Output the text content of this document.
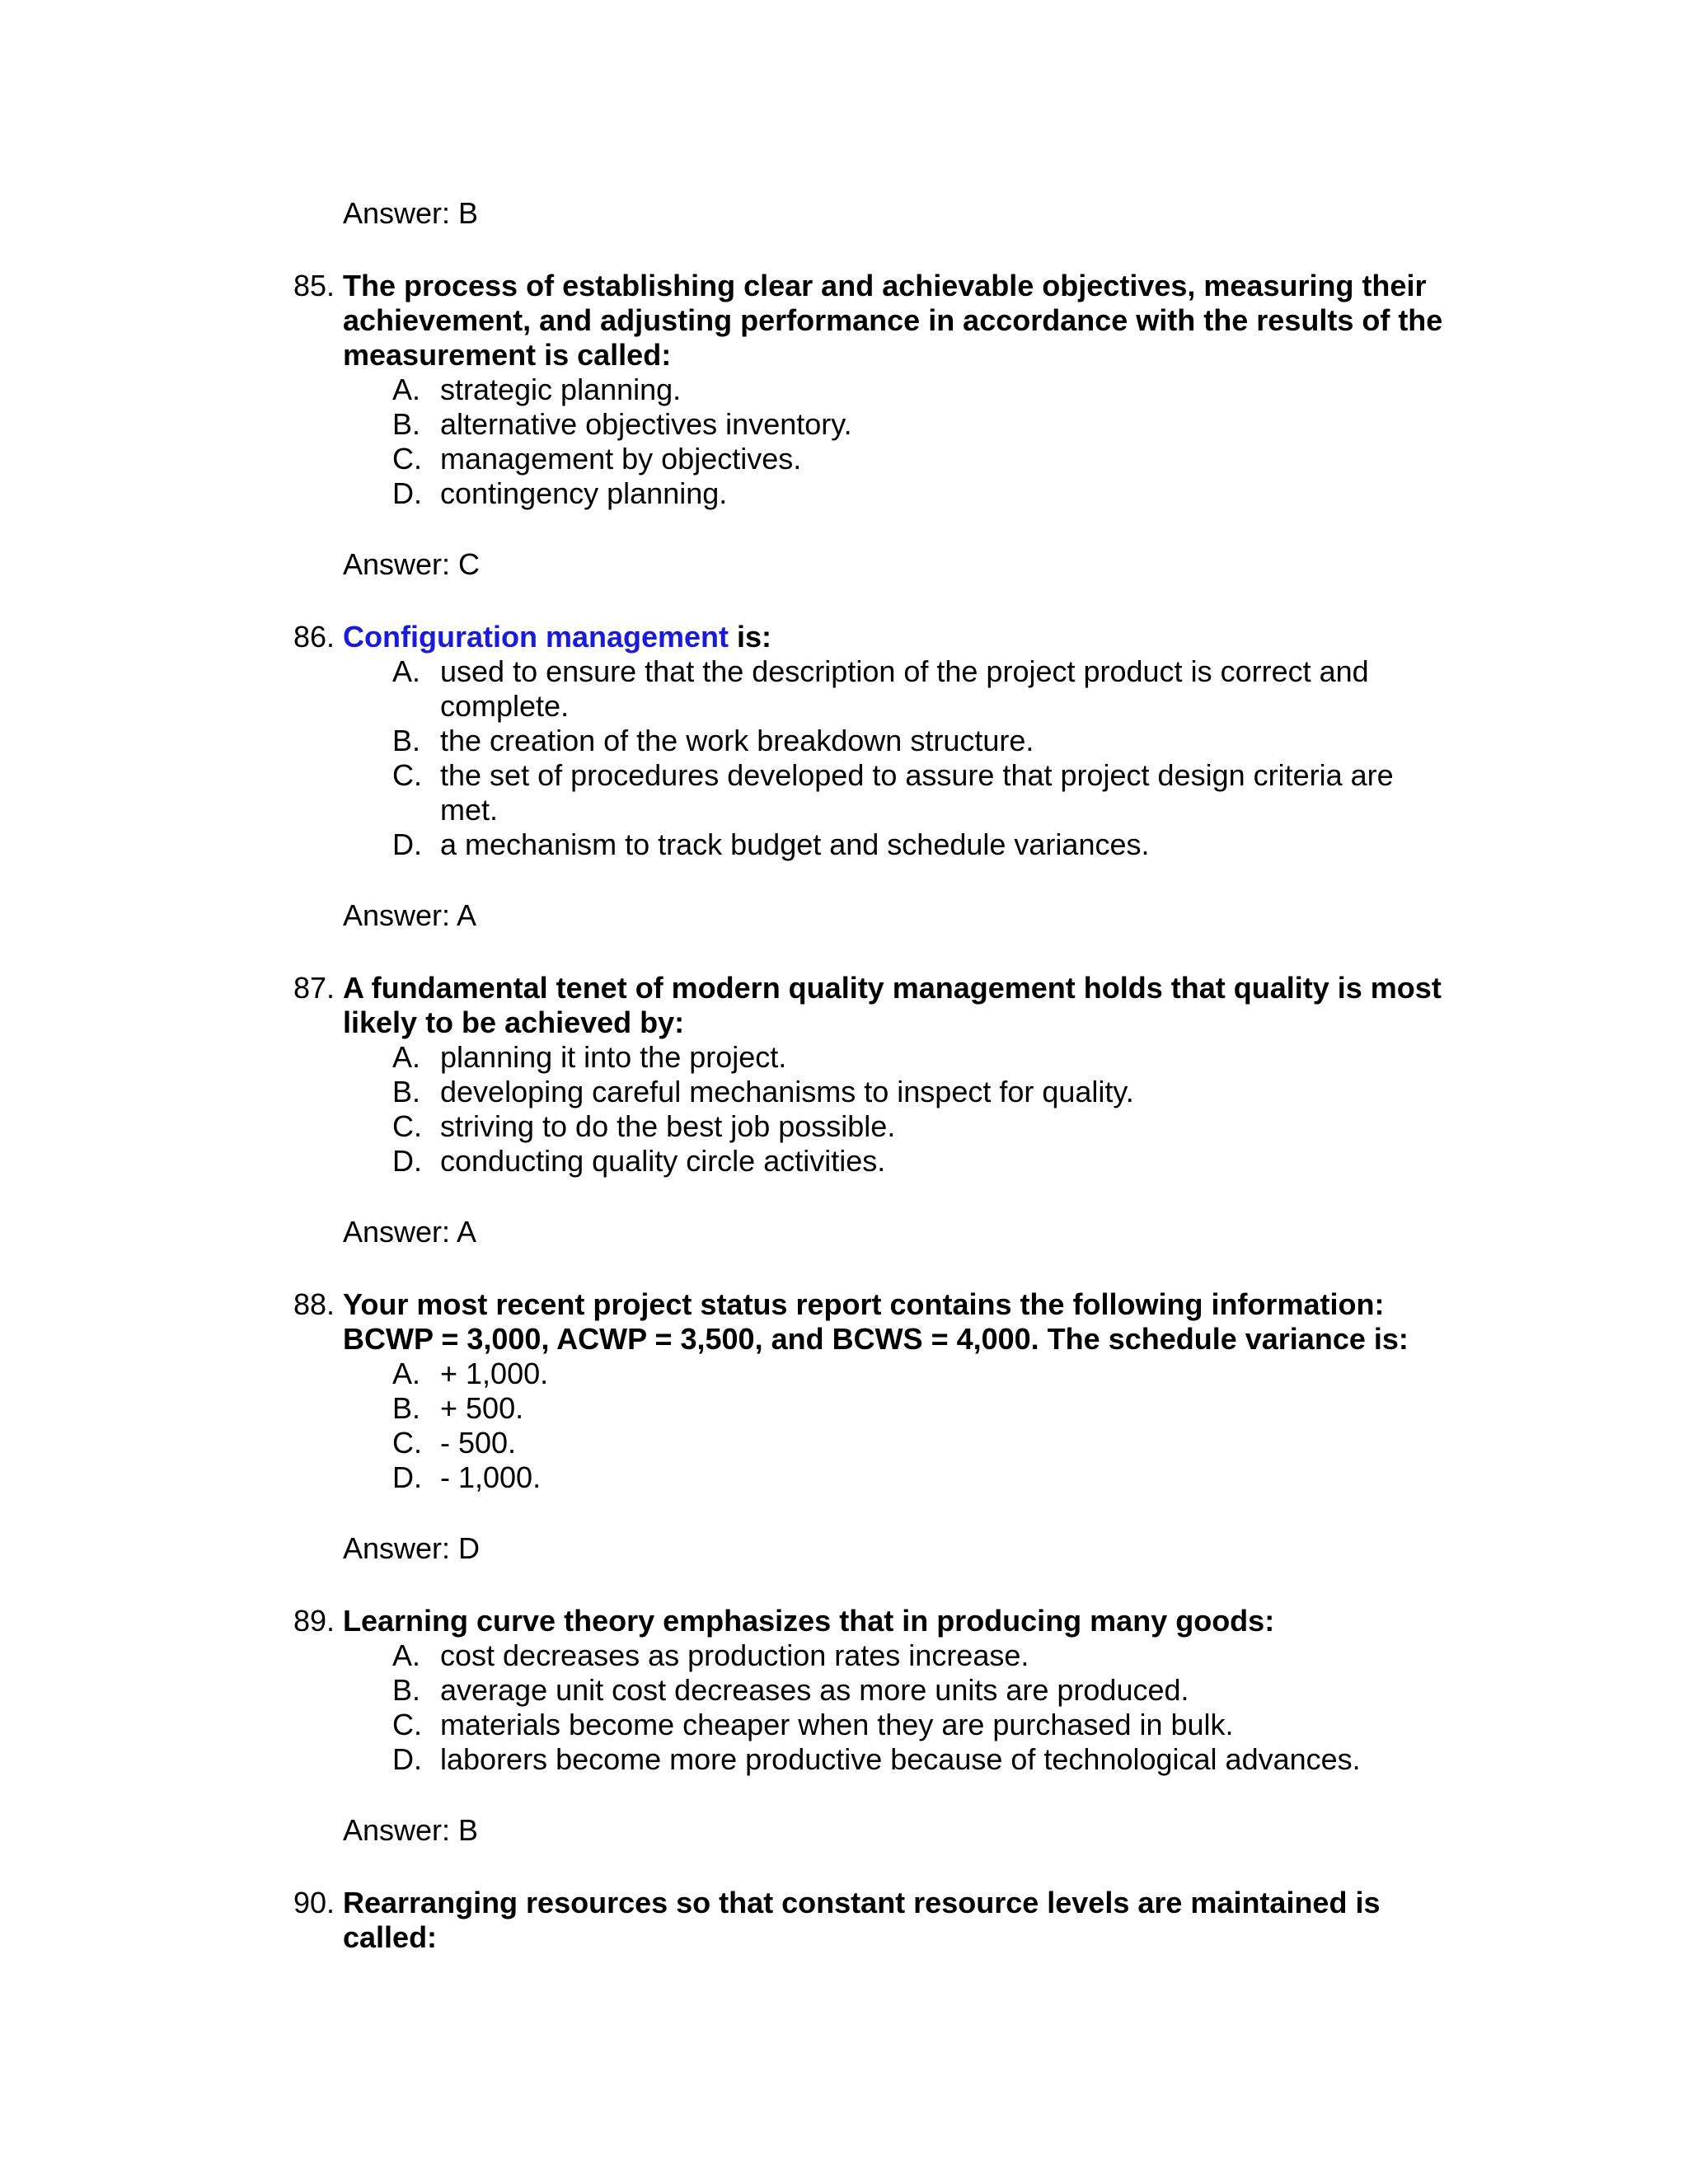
Answer: B
85. The process of establishing clear and achievable objectives, measuring their achievement, and adjusting performance in accordance with the results of the measurement is called:
A. strategic planning.
B. alternative objectives inventory.
C. management by objectives.
D. contingency planning.
Answer: C
86. Configuration management is:
A. used to ensure that the description of the project product is correct and complete.
B. the creation of the work breakdown structure.
C. the set of procedures developed to assure that project design criteria are met.
D. a mechanism to track budget and schedule variances.
Answer: A
87. A fundamental tenet of modern quality management holds that quality is most likely to be achieved by:
A. planning it into the project.
B. developing careful mechanisms to inspect for quality.
C. striving to do the best job possible.
D. conducting quality circle activities.
Answer: A
88. Your most recent project status report contains the following information: BCWP = 3,000, ACWP = 3,500, and BCWS = 4,000. The schedule variance is:
A. + 1,000.
B. + 500.
C. - 500.
D. - 1,000.
Answer: D
89. Learning curve theory emphasizes that in producing many goods:
A. cost decreases as production rates increase.
B. average unit cost decreases as more units are produced.
C. materials become cheaper when they are purchased in bulk.
D. laborers become more productive because of technological advances.
Answer: B
90. Rearranging resources so that constant resource levels are maintained is called:
